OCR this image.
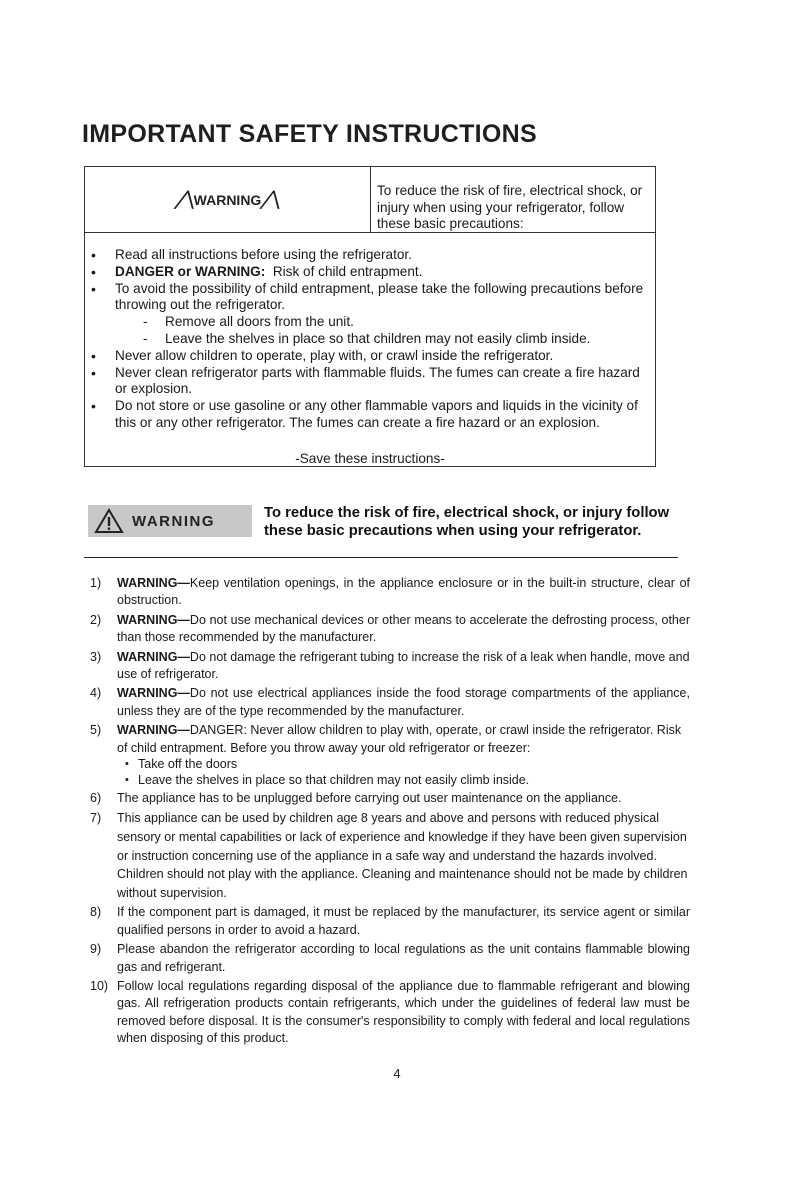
IMPORTANT SAFETY INSTRUCTIONS
╱╲ WARNING ╱╲
To reduce the risk of fire, electrical shock, or injury when using your refrigerator, follow these basic precautions:
• Read all instructions before using the refrigerator.
• DANGER or WARNING: Risk of child entrapment.
• To avoid the possibility of child entrapment, please take the following precautions before throwing out the refrigerator.
- Remove all doors from the unit.
- Leave the shelves in place so that children may not easily climb inside.
• Never allow children to operate, play with, or crawl inside the refrigerator.
• Never clean refrigerator parts with flammable fluids. The fumes can create a fire hazard or explosion.
• Do not store or use gasoline or any other flammable vapors and liquids in the vicinity of this or any other refrigerator. The fumes can create a fire hazard or an explosion.
-Save these instructions-
WARNING	To reduce the risk of fire, electrical shock, or injury follow these basic precautions when using your refrigerator.
1) WARNING—Keep ventilation openings, in the appliance enclosure or in the built-in structure, clear of obstruction.
2) WARNING—Do not use mechanical devices or other means to accelerate the defrosting process, other than those recommended by the manufacturer.
3) WARNING—Do not damage the refrigerant tubing to increase the risk of a leak when handle, move and use of refrigerator.
4) WARNING—Do not use electrical appliances inside the food storage compartments of the appliance, unless they are of the type recommended by the manufacturer.
5) WARNING—DANGER: Never allow children to play with, operate, or crawl inside the refrigerator. Risk of child entrapment. Before you throw away your old refrigerator or freezer:
• Take off the doors
• Leave the shelves in place so that children may not easily climb inside.
6) The appliance has to be unplugged before carrying out user maintenance on the appliance.
7) This appliance can be used by children age 8 years and above and persons with reduced physical sensory or mental capabilities or lack of experience and knowledge if they have been given supervision or instruction concerning use of the appliance in a safe way and understand the hazards involved. Children should not play with the appliance. Cleaning and maintenance should not be made by children without supervision.
8) If the component part is damaged, it must be replaced by the manufacturer, its service agent or similar qualified persons in order to avoid a hazard.
9) Please abandon the refrigerator according to local regulations as the unit contains flammable blowing gas and refrigerant.
10) Follow local regulations regarding disposal of the appliance due to flammable refrigerant and blowing gas. All refrigeration products contain refrigerants, which under the guidelines of federal law must be removed before disposal. It is the consumer's responsibility to comply with federal and local regulations when disposing of this product.
4
